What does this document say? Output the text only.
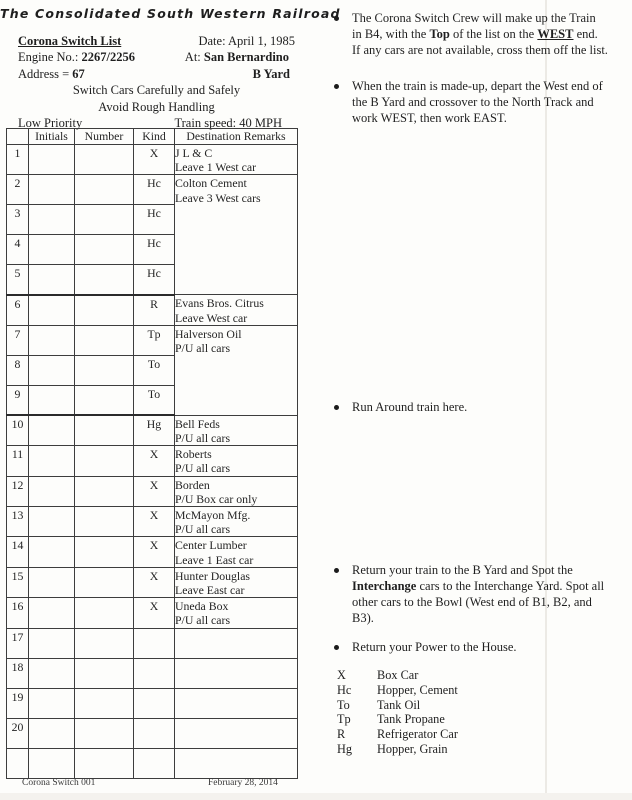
The Consolidated South Western Railroad
Corona Switch List	Date: April 1, 1985
Engine No.: 2267/2256	At: San Bernardino
Address = 67	B Yard
Switch Cars Carefully and Safely
Avoid Rough Handling
Low Priority	Train speed: 40 MPH
	Initials	Number	Kind	Destination Remarks
1			X	J L & C
Leave 1 West car

2			Hc	Colton Cement
Leave 3 West cars

3			Hc	
4			Hc	
5			Hc	
6			R	Evans Bros. Citrus
Leave West car

7			Tp	Halverson Oil
P/U all cars

8			To	
9			To	
10			Hg	Bell Feds
P/U all cars

11			X	Roberts
P/U all cars

12			X	Borden
P/U Box car only

13			X	McMayon Mfg.
P/U all cars

14			X	Center Lumber
Leave 1 East car

15			X	Hunter Douglas
Leave East car

16			X	Uneda Box
P/U all cars

17				
18				
19				
20				

Corona Switch 001	February 28, 2014
The Corona Switch Crew will make up the Train in B4, with the Top of the list on the WEST end. If any cars are not available, cross them off the list.
When the train is made-up, depart the West end of the B Yard and crossover to the North Track and work WEST, then work EAST.
Run Around train here.
Return your train to the B Yard and Spot the Interchange cars to the Interchange Yard. Spot all other cars to the Bowl (West end of B1, B2, and B3).
Return your Power to the House.
X	Box Car
Hc	Hopper, Cement
To	Tank Oil
Tp	Tank Propane
R	Refrigerator Car
Hg	Hopper, Grain
